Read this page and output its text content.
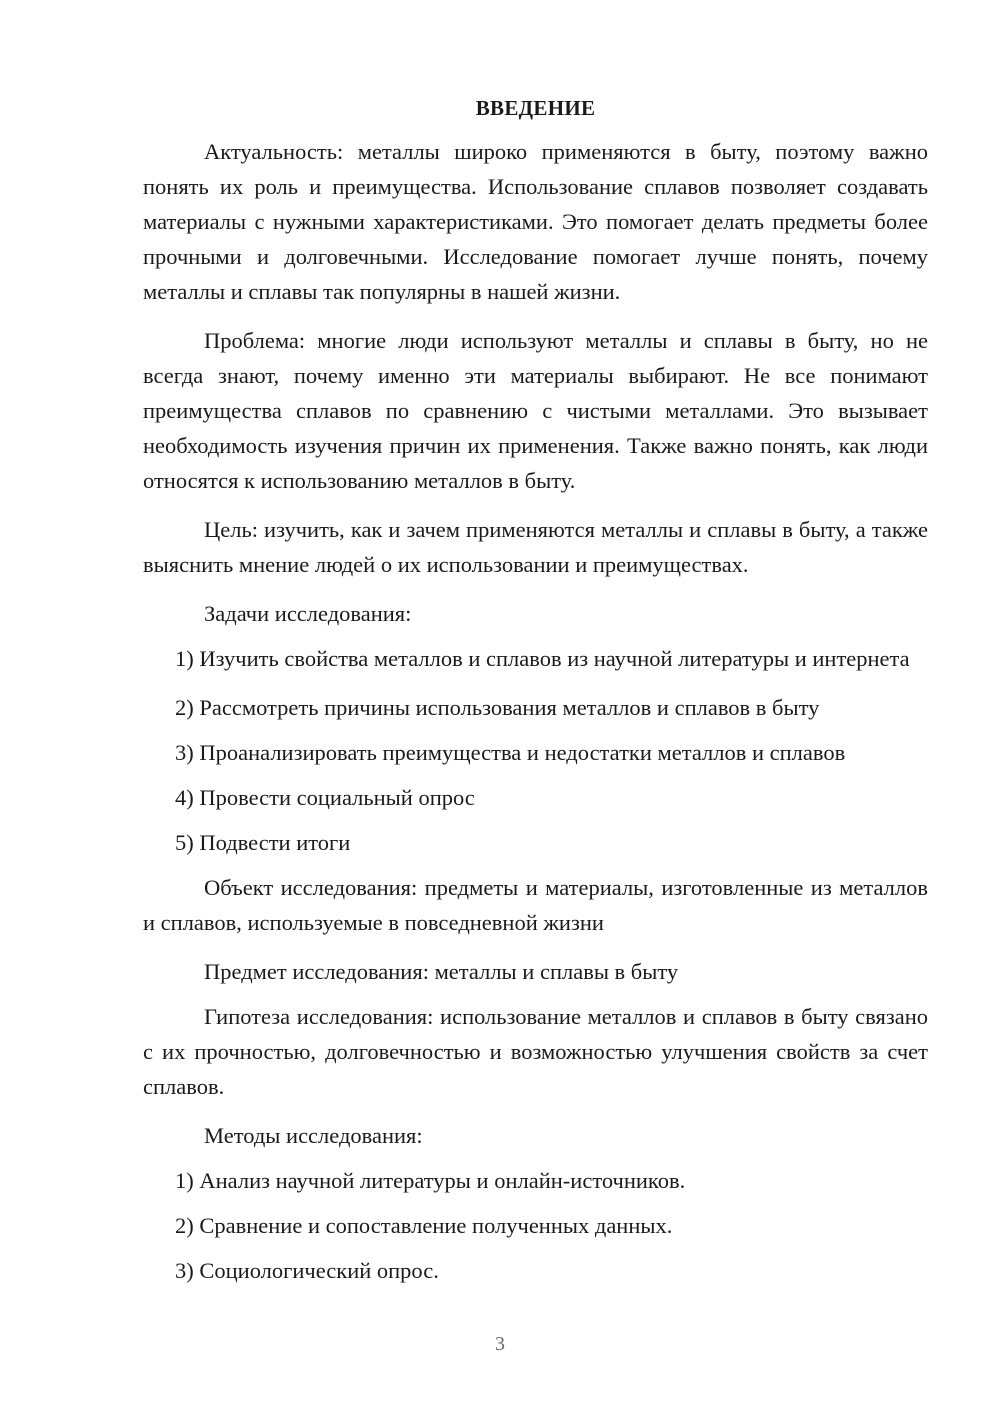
ВВЕДЕНИЕ

Актуальность: металлы широко применяются в быту, поэтому важно понять их роль и преимущества. Использование сплавов позволяет создавать материалы с нужными характеристиками. Это помогает делать предметы более прочными и долговечными. Исследование помогает лучше понять, почему металлы и сплавы так популярны в нашей жизни.

Проблема: многие люди используют металлы и сплавы в быту, но не всегда знают, почему именно эти материалы выбирают. Не все понимают преимущества сплавов по сравнению с чистыми металлами. Это вызывает необходимость изучения причин их применения. Также важно понять, как люди относятся к использованию металлов в быту.

Цель: изучить, как и зачем применяются металлы и сплавы в быту, а также выяснить мнение людей о их использовании и преимуществах.

Задачи исследования:

1) Изучить свойства металлов и сплавов из научной литературы и интернета

2) Рассмотреть причины использования металлов и сплавов в быту

3) Проанализировать преимущества и недостатки металлов и сплавов

4) Провести социальный опрос

5) Подвести итоги

Объект исследования: предметы и материалы, изготовленные из металлов и сплавов, используемые в повседневной жизни

Предмет исследования: металлы и сплавы в быту

Гипотеза исследования: использование металлов и сплавов в быту связано с их прочностью, долговечностью и возможностью улучшения свойств за счет сплавов.

Методы исследования:

1) Анализ научной литературы и онлайн-источников.

2) Сравнение и сопоставление полученных данных.

3) Социологический опрос.

3
